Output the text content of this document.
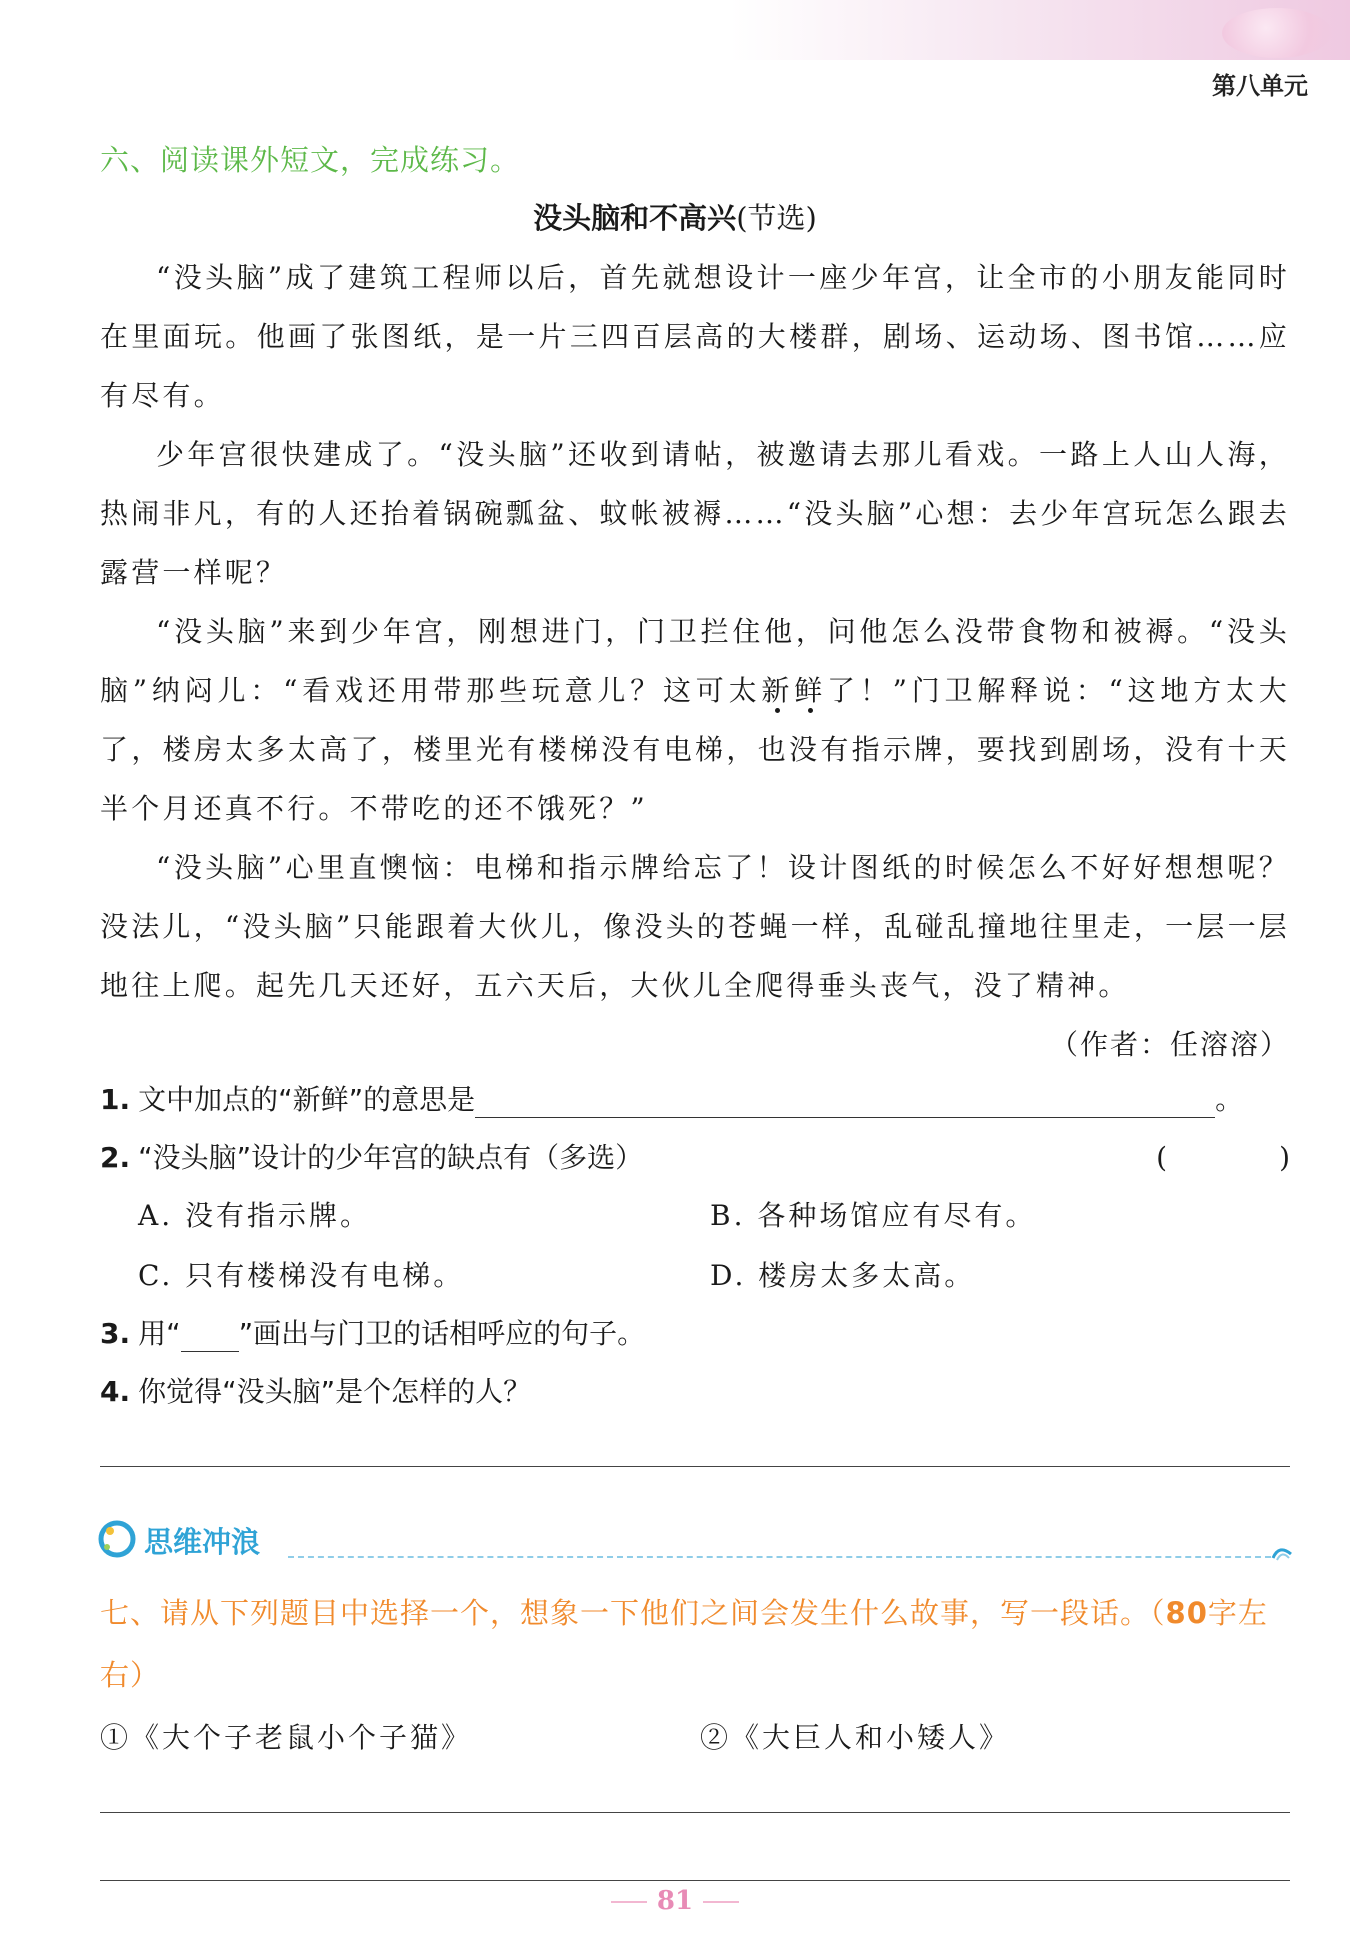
第八单元
六、阅读课外短文，完成练习。
没头脑和不高兴(节选)

“没头脑”成了建筑工程师以后，首先就想设计一座少年宫，让全市的小朋友能同时在里面玩。他画了张图纸，是一片三四百层高的大楼群，剧场、运动场、图书馆……应有尽有。

少年宫很快建成了。“没头脑”还收到请帖，被邀请去那儿看戏。一路上人山人海，热闹非凡，有的人还抬着锅碗瓢盆、蚊帐被褥……“没头脑”心想：去少年宫玩怎么跟去露营一样呢？

“没头脑”来到少年宫，刚想进门，门卫拦住他，问他怎么没带食物和被褥。“没头脑”纳闷儿：“看戏还用带那些玩意儿？这可太新鲜了！”门卫解释说：“这地方太大了，楼房太多太高了，楼里光有楼梯没有电梯，也没有指示牌，要找到剧场，没有十天半个月还真不行。不带吃的还不饿死？”

“没头脑”心里直懊恼：电梯和指示牌给忘了！设计图纸的时候怎么不好好想想呢？没法儿，“没头脑”只能跟着大伙儿，像没头的苍蝇一样，乱碰乱撞地往里走，一层一层地往上爬。起先几天还好，五六天后，大伙儿全爬得垂头丧气，没了精神。

（作者：任溶溶）
1. 文中加点的“新鲜”的意思是	。
2. “没头脑”设计的少年宫的缺点有（多选）	(　　　　)
A. 没有指示牌。	B. 各种场馆应有尽有。
C. 只有楼梯没有电梯。	D. 楼房太多太高。
3. 用“ ”画出与门卫的话相呼应的句子。
4. 你觉得“没头脑”是个怎样的人？
思维冲浪
七、请从下列题目中选择一个，想象一下他们之间会发生什么故事，写一段话。（80字左右）
①《大个子老鼠小个子猫》	②《大巨人和小矮人》
81
